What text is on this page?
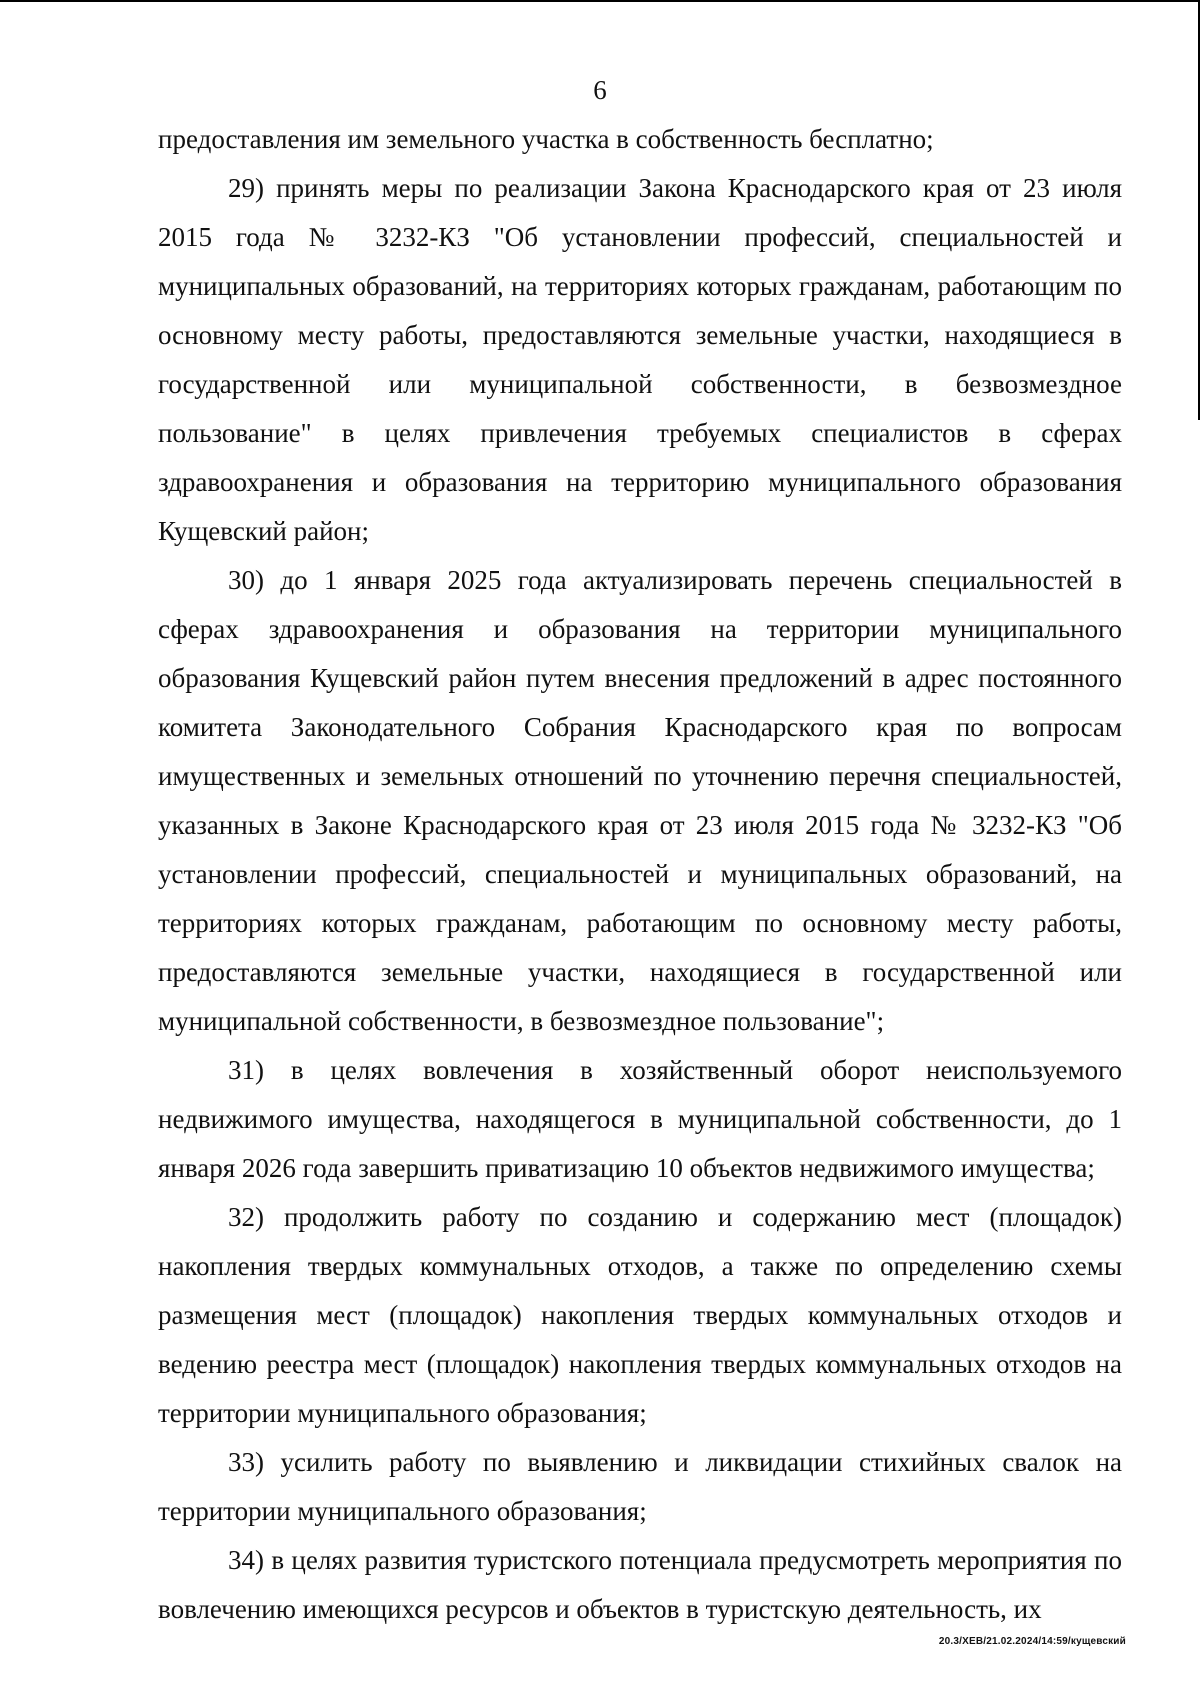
6

предоставления им земельного участка в собственность бесплатно;

29) принять меры по реализации Закона Краснодарского края от 23 июля 2015 года № 3232-КЗ "Об установлении профессий, специальностей и муниципальных образований, на территориях которых гражданам, работающим по основному месту работы, предоставляются земельные участки, находящиеся в государственной или муниципальной собственности, в безвозмездное пользование" в целях привлечения требуемых специалистов в сферах здравоохранения и образования на территорию муниципального образования Кущевский район;

30) до 1 января 2025 года актуализировать перечень специальностей в сферах здравоохранения и образования на территории муниципального образования Кущевский район путем внесения предложений в адрес постоянного комитета Законодательного Собрания Краснодарского края по вопросам имущественных и земельных отношений по уточнению перечня специальностей, указанных в Законе Краснодарского края от 23 июля 2015 года № 3232-КЗ "Об установлении профессий, специальностей и муниципальных образований, на территориях которых гражданам, работающим по основному месту работы, предоставляются земельные участки, находящиеся в государственной или муниципальной собственности, в безвозмездное пользование";

31) в целях вовлечения в хозяйственный оборот неиспользуемого недвижимого имущества, находящегося в муниципальной собственности, до 1 января 2026 года завершить приватизацию 10 объектов недвижимого имущества;

32) продолжить работу по созданию и содержанию мест (площадок) накопления твердых коммунальных отходов, а также по определению схемы размещения мест (площадок) накопления твердых коммунальных отходов и ведению реестра мест (площадок) накопления твердых коммунальных отходов на территории муниципального образования;

33) усилить работу по выявлению и ликвидации стихийных свалок на территории муниципального образования;

34) в целях развития туристского потенциала предусмотреть мероприятия по вовлечению имеющихся ресурсов и объектов в туристскую деятельность, их

20.3/ХЕВ/21.02.2024/14:59/кущевский
